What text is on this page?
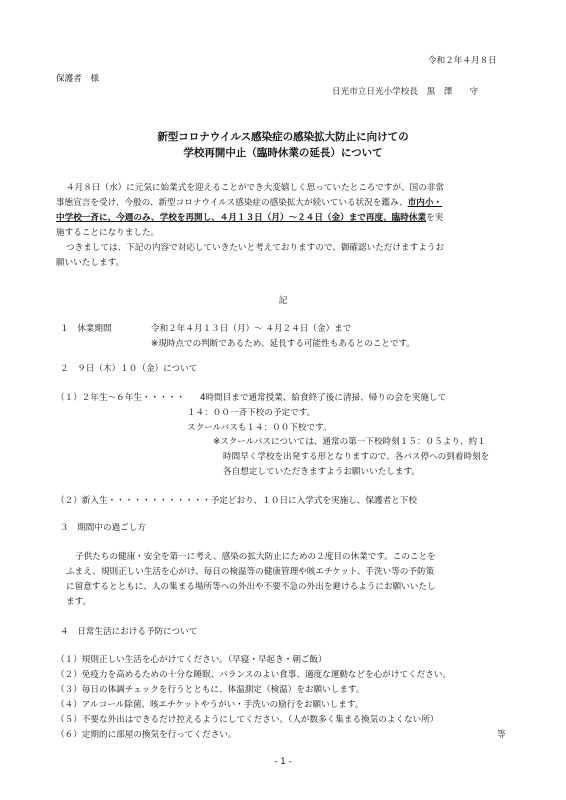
令和２年４月８日
保護者　様
日光市立日光小学校長　黒　澤　　守
新型コロナウイルス感染症の感染拡大防止に向けての
学校再開中止（臨時休業の延長）について
４月８日（水）に元気に始業式を迎えることができ大変嬉しく思っていたところですが、国の非常
事態宣言を受け、今般の、新型コロナウイルス感染症の感染拡大が続いている状況を鑑み、市内小・
中学校一斉に、今週のみ、学校を再開し、４月１３日（月）～２４日（金）まで再度、臨時休業を実
施することになりました。
つきましては、下記の内容で対応していきたいと考えておりますので、御確認いただけますようお
願いいたします。
記
１　休業期間	令和２年４月１３日（月）～ ４月２４日（金）まで
※現時点での判断であるため、延長する可能性もあるとのことです。
２　９日（木）１０（金）について
（１）２年生～６年生・・・・・ 4時間目まで通常授業、給食終了後に清掃、帰りの会を実施して
１４：００一斉下校の予定です。
スクールバスも１４：００下校です。
※スクールバスについては、通常の第一下校時刻１５：０５より、約１
時間早く学校を出発する形となりますので、各バス停への到着時刻を
各自想定していただきますようお願いいたします。
（２）新入生・・・・・・・・・・・・予定どおり、１０日に入学式を実施し、保護者と下校
３　期間中の過ごし方
子供たちの健康・安全を第一に考え、感染の拡大防止にための２度目の休業です。このことを
ふまえ、規則正しい生活を心がけ、毎日の検温等の健康管理や咳エチケット、手洗い等の予防策
に留意するとともに、人の集まる場所等への外出や不要不急の外出を避けるようにお願いいたし
ます。
４　日常生活における予防について
（１）規則正しい生活を心がけてください。（早寝・早起き・朝ご飯）
（２）免疫力を高めるための十分な睡眠、バランスのよい食事、適度な運動などを心がけてください。
（３）毎日の体調チェックを行うとともに、体温測定（検温）をお願いします。
（４）アルコール除菌、咳エチケットやうがい・手洗いの励行をお願いします。
（５）不要な外出はできるだけ控えるようにしてください。（人が数多く集まる換気のよくない所）
（６）定期的に部屋の換気を行ってください。	等
- 1 -
